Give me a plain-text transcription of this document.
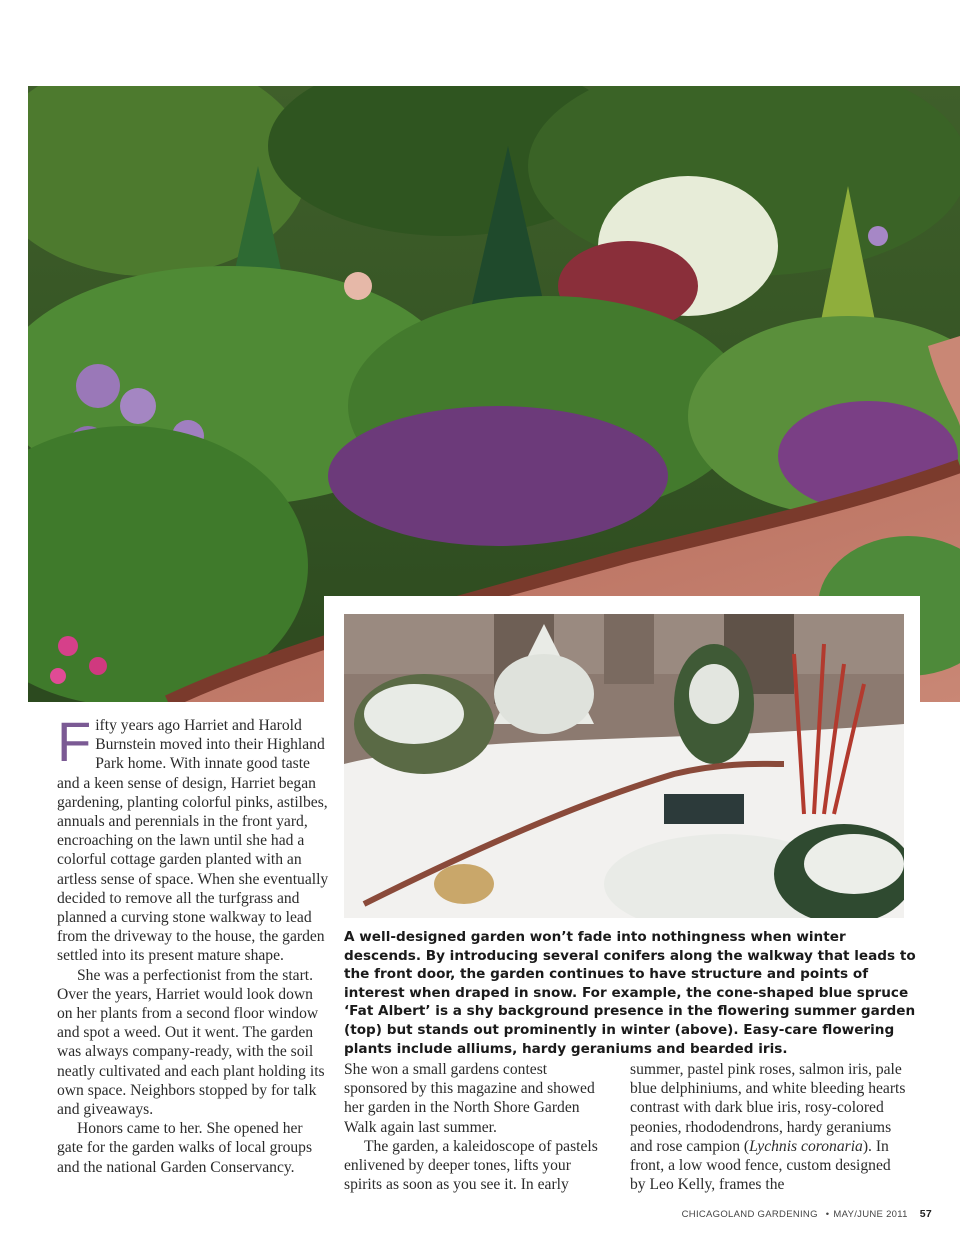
A well-designed garden won’t fade into nothingness when winter descends. By introducing several conifers along the walkway that leads to the front door, the garden continues to have structure and points of interest when draped in snow. For example, the cone-shaped blue spruce ‘Fat Albert’ is a shy background presence in the flowering summer garden (top) but stands out prominently in winter (above). Easy-care flowering plants include alliums, hardy geraniums and bearded iris.

Fifty years ago Harriet and Harold Burnstein moved into their Highland Park home. With innate good taste and a keen sense of design, Harriet began gardening, planting colorful pinks, astilbes, annuals and perennials in the front yard, encroaching on the lawn until she had a colorful cottage garden planted with an artless sense of space. When she eventually decided to remove all the turfgrass and planned a curving stone walkway to lead from the driveway to the house, the garden settled into its present mature shape.

She was a perfectionist from the start. Over the years, Harriet would look down on her plants from a second floor window and spot a weed. Out it went. The garden was always company-ready, with the soil neatly cultivated and each plant holding its own space. Neighbors stopped by for talk and giveaways.

Honors came to her. She opened her gate for the garden walks of local groups and the national Garden Conservancy.

She won a small gardens contest sponsored by this magazine and showed her garden in the North Shore Garden Walk again last summer.

The garden, a kaleidoscope of pastels enlivened by deeper tones, lifts your spirits as soon as you see it. In early

summer, pastel pink roses, salmon iris, pale blue delphiniums, and white bleeding hearts contrast with dark blue iris, rosy-colored peonies, rhododendrons, hardy geraniums and rose campion (Lychnis coronaria). In front, a low wood fence, custom designed by Leo Kelly, frames the

CHICAGOLAND GARDENING • MAY/JUNE 2011 57
